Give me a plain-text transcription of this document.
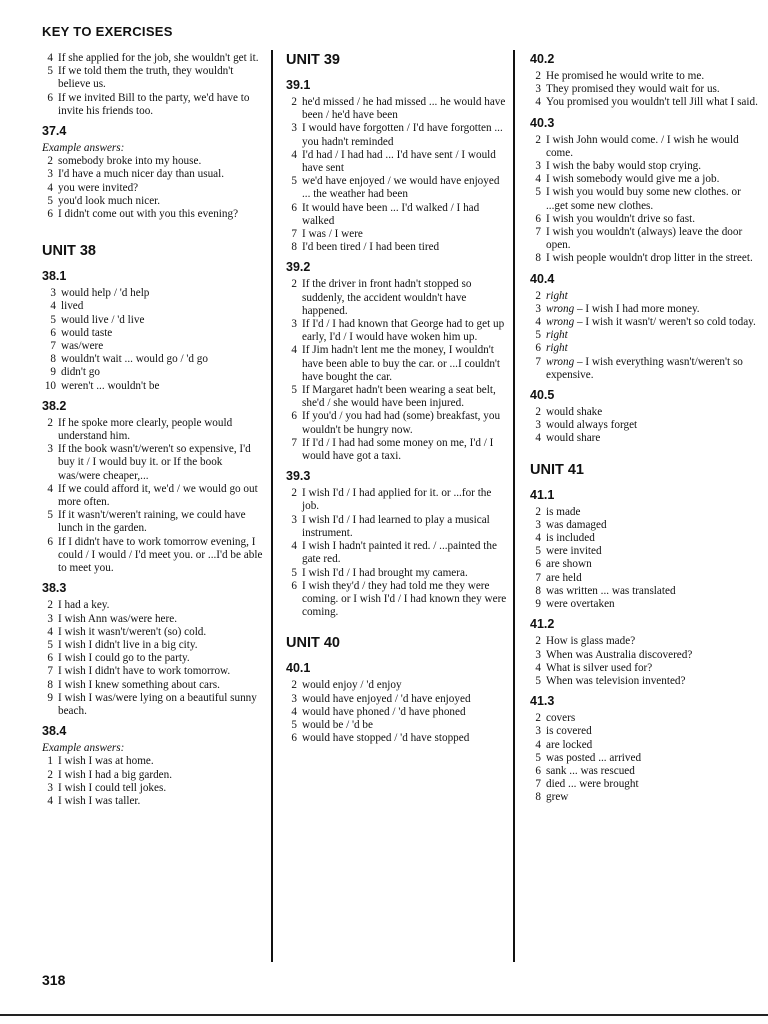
KEY TO EXERCISES
4 If she applied for the job, she wouldn't get it.
5 If we told them the truth, they wouldn't believe us.
6 If we invited Bill to the party, we'd have to invite his friends too.
37.4
Example answers:
2 somebody broke into my house.
3 I'd have a much nicer day than usual.
4 you were invited?
5 you'd look much nicer.
6 I didn't come out with you this evening?
UNIT 38
38.1
3 would help / 'd help
4 lived
5 would live / 'd live
6 would taste
7 was/were
8 wouldn't wait ... would go / 'd go
9 didn't go
10 weren't ... wouldn't be
38.2
2 If he spoke more clearly, people would understand him.
3 If the book wasn't/weren't so expensive, I'd buy it / I would buy it. or If the book was/were cheaper,...
4 If we could afford it, we'd / we would go out more often.
5 If it wasn't/weren't raining, we could have lunch in the garden.
6 If I didn't have to work tomorrow evening, I could / I would / I'd meet you. or ...I'd be able to meet you.
38.3
2 I had a key.
3 I wish Ann was/were here.
4 I wish it wasn't/weren't (so) cold.
5 I wish I didn't live in a big city.
6 I wish I could go to the party.
7 I wish I didn't have to work tomorrow.
8 I wish I knew something about cars.
9 I wish I was/were lying on a beautiful sunny beach.
38.4
Example answers:
1 I wish I was at home.
2 I wish I had a big garden.
3 I wish I could tell jokes.
4 I wish I was taller.
UNIT 39
39.1
2 he'd missed / he had missed ... he would have been / he'd have been
3 I would have forgotten / I'd have forgotten ... you hadn't reminded
4 I'd had / I had had ... I'd have sent / I would have sent
5 we'd have enjoyed / we would have enjoyed ... the weather had been
6 It would have been ... I'd walked / I had walked
7 I was / I were
8 I'd been tired / I had been tired
39.2
2 If the driver in front hadn't stopped so suddenly, the accident wouldn't have happened.
3 If I'd / I had known that George had to get up early, I'd / I would have woken him up.
4 If Jim hadn't lent me the money, I wouldn't have been able to buy the car. or ...I couldn't have bought the car.
5 If Margaret hadn't been wearing a seat belt, she'd / she would have been injured.
6 If you'd / you had had (some) breakfast, you wouldn't be hungry now.
7 If I'd / I had had some money on me, I'd / I would have got a taxi.
39.3
2 I wish I'd / I had applied for it. or ...for the job.
3 I wish I'd / I had learned to play a musical instrument.
4 I wish I hadn't painted it red. / ...painted the gate red.
5 I wish I'd / I had brought my camera.
6 I wish they'd / they had told me they were coming. or I wish I'd / I had known they were coming.
UNIT 40
40.1
2 would enjoy / 'd enjoy
3 would have enjoyed / 'd have enjoyed
4 would have phoned / 'd have phoned
5 would be / 'd be
6 would have stopped / 'd have stopped
40.2
2 He promised he would write to me.
3 They promised they would wait for us.
4 You promised you wouldn't tell Jill what I said.
40.3
2 I wish John would come. / I wish he would come.
3 I wish the baby would stop crying.
4 I wish somebody would give me a job.
5 I wish you would buy some new clothes. or ...get some new clothes.
6 I wish you wouldn't drive so fast.
7 I wish you wouldn't (always) leave the door open.
8 I wish people wouldn't drop litter in the street.
40.4
2 right
3 wrong – I wish I had more money.
4 wrong – I wish it wasn't/ weren't so cold today.
5 right
6 right
7 wrong – I wish everything wasn't/weren't so expensive.
40.5
2 would shake
3 would always forget
4 would share
UNIT 41
41.1
2 is made
3 was damaged
4 is included
5 were invited
6 are shown
7 are held
8 was written ... was translated
9 were overtaken
41.2
2 How is glass made?
3 When was Australia discovered?
4 What is silver used for?
5 When was television invented?
41.3
2 covers
3 is covered
4 are locked
5 was posted ... arrived
6 sank ... was rescued
7 died ... were brought
8 grew
318
